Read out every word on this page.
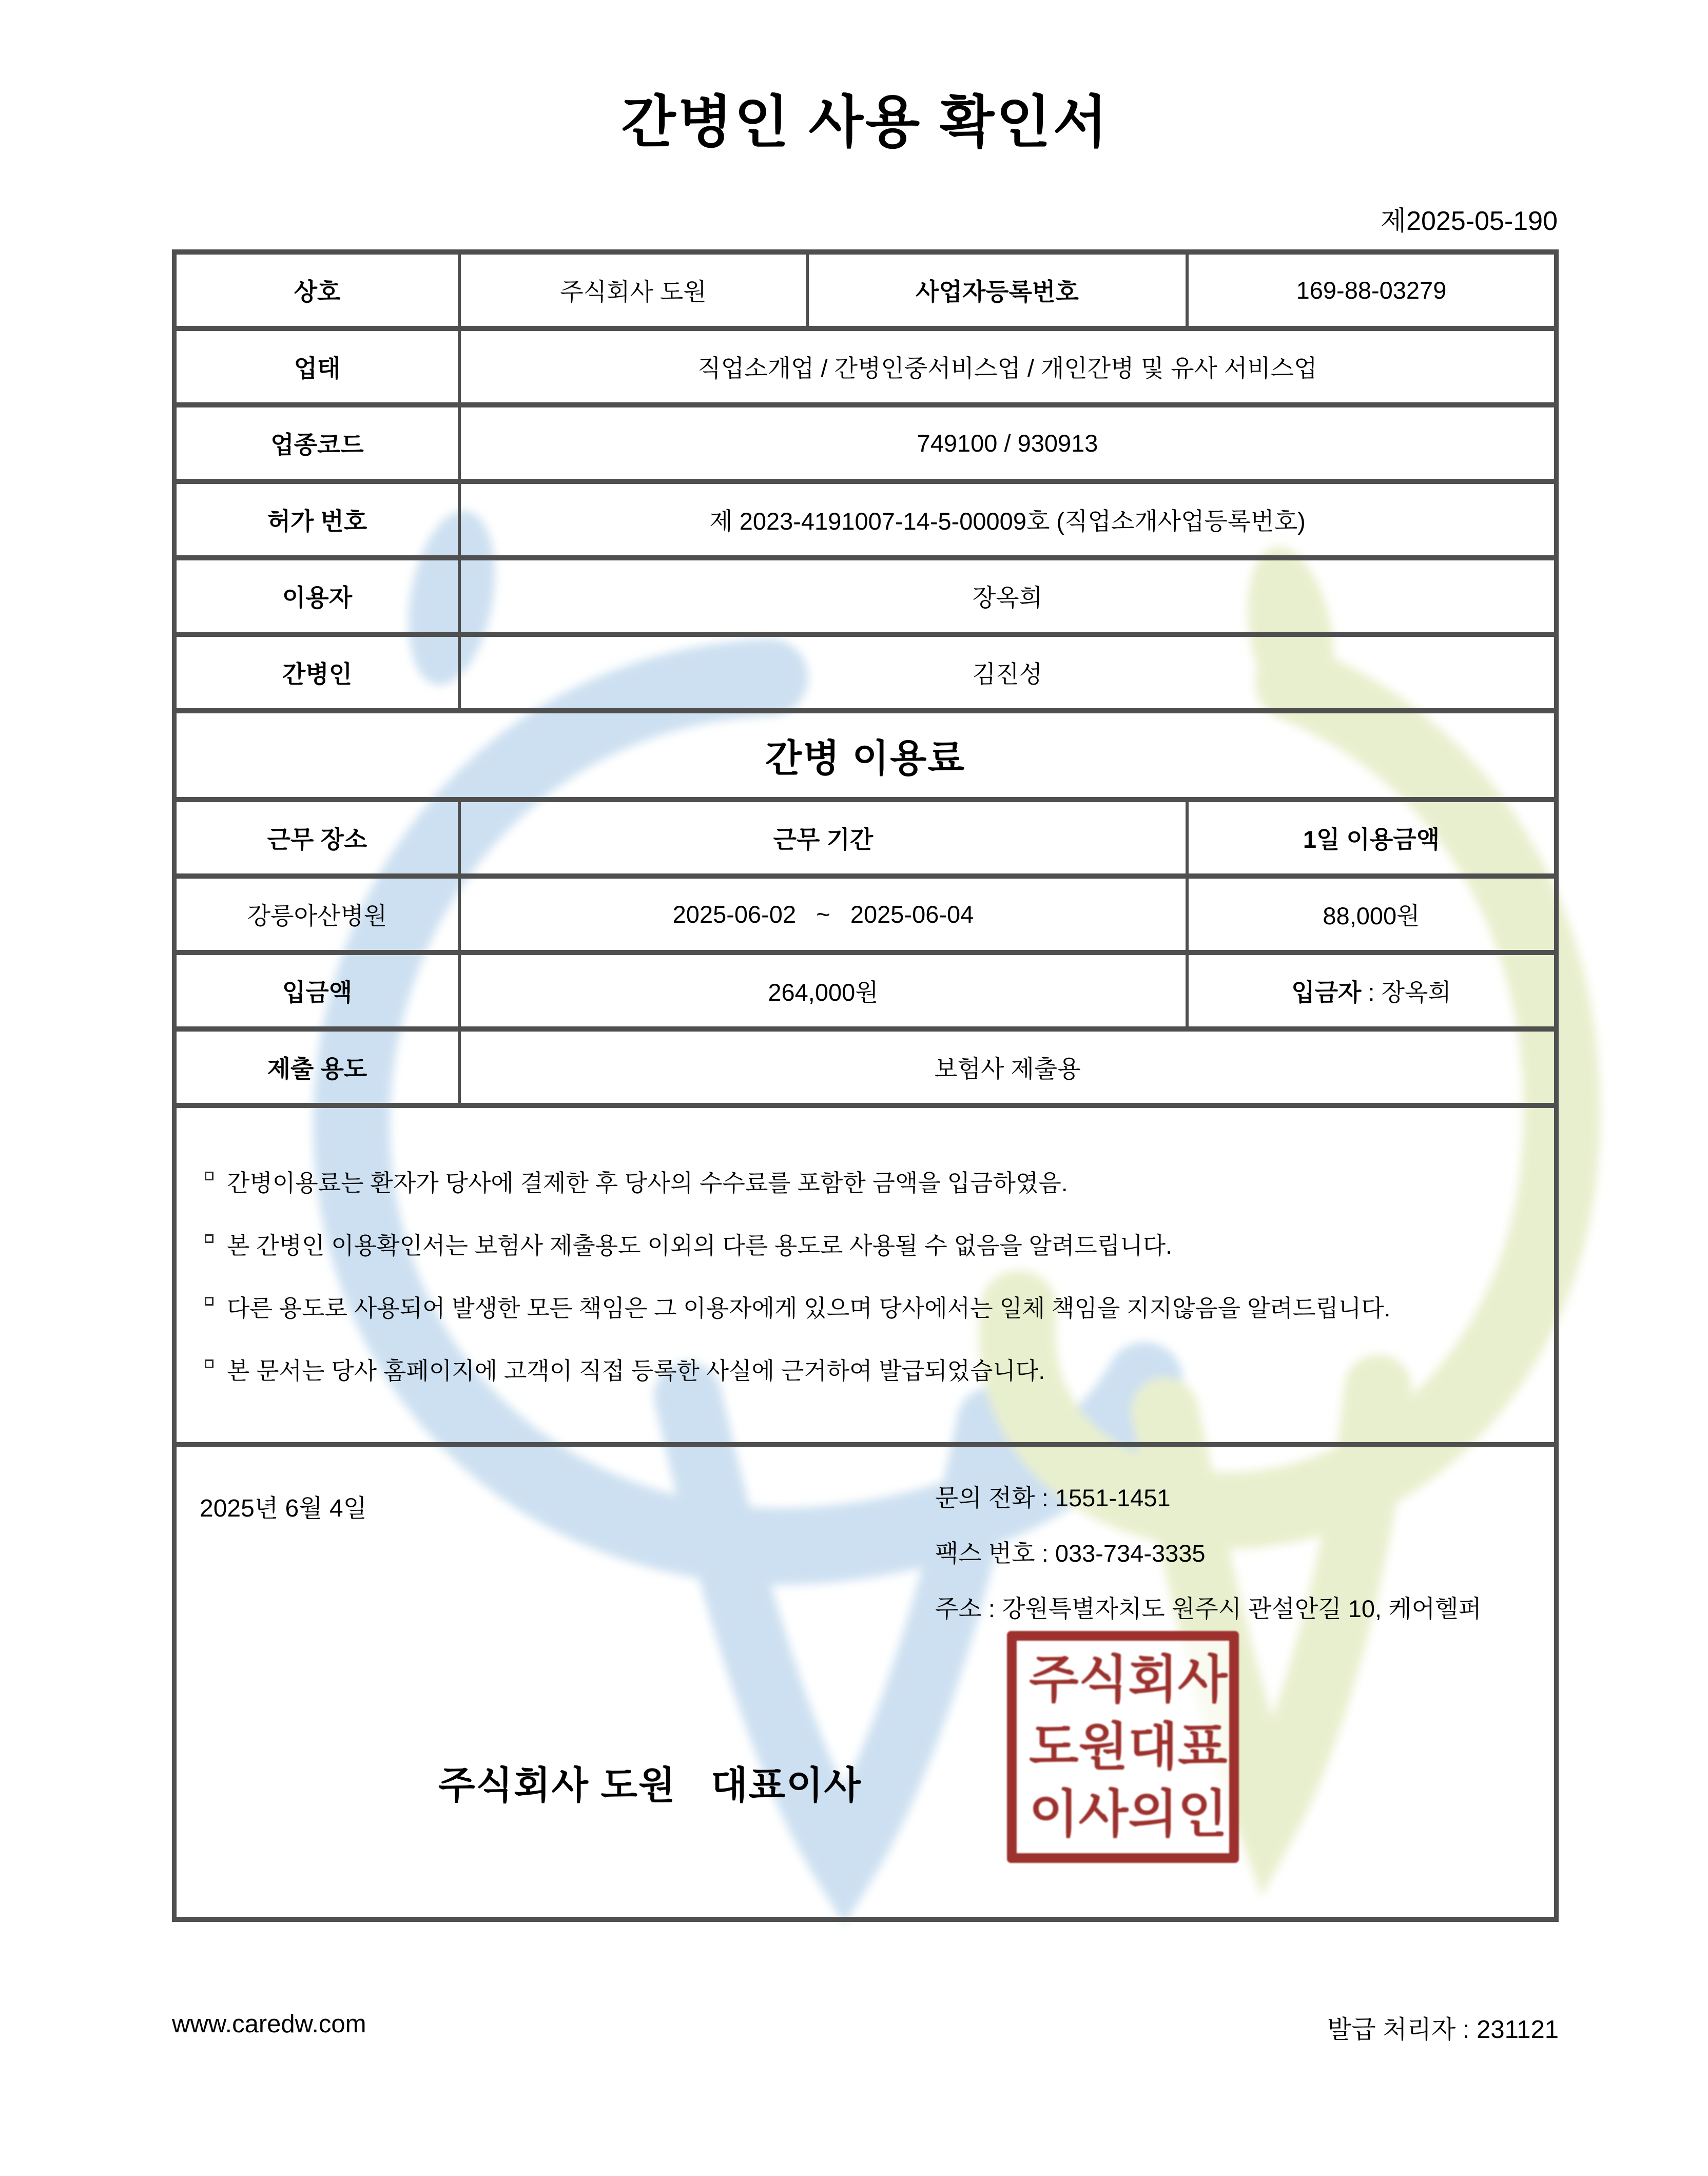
간병인 사용 확인서
제2025-05-190
상호	주식회사 도원	사업자등록번호	169-88-03279
업태	직업소개업 / 간병인중서비스업 / 개인간병 및 유사 서비스업
업종코드	749100 / 930913
허가 번호	제 2023-4191007-14-5-00009호 (직업소개사업등록번호)
이용자	장옥희
간병인	김진성
간병 이용료
근무 장소	근무 기간	1일 이용금액
강릉아산병원	2025-06-02   ~   2025-06-04	88,000원
입금액	264,000원	입금자 : 장옥희
제출 용도	보험사 제출용
간병이용료는 환자가 당사에 결제한 후 당사의 수수료를 포함한 금액을 입금하였음.
본 간병인 이용확인서는 보험사 제출용도 이외의 다른 용도로 사용될 수 없음을 알려드립니다.
다른 용도로 사용되어 발생한 모든 책임은 그 이용자에게 있으며 당사에서는 일체 책임을 지지않음을 알려드립니다.
본 문서는 당사 홈페이지에 고객이 직접 등록한 사실에 근거하여 발급되었습니다.
2025년 6월 4일	문의 전화 : 1551-1451
팩스 번호 : 033-734-3335
주소 : 강원특별자치도 원주시 관설안길 10, 케어헬퍼
주식회사 도원   대표이사
주 식 회 사
도 원 대 표
이 사 의 인
www.caredw.com	발급 처리자 : 231121
